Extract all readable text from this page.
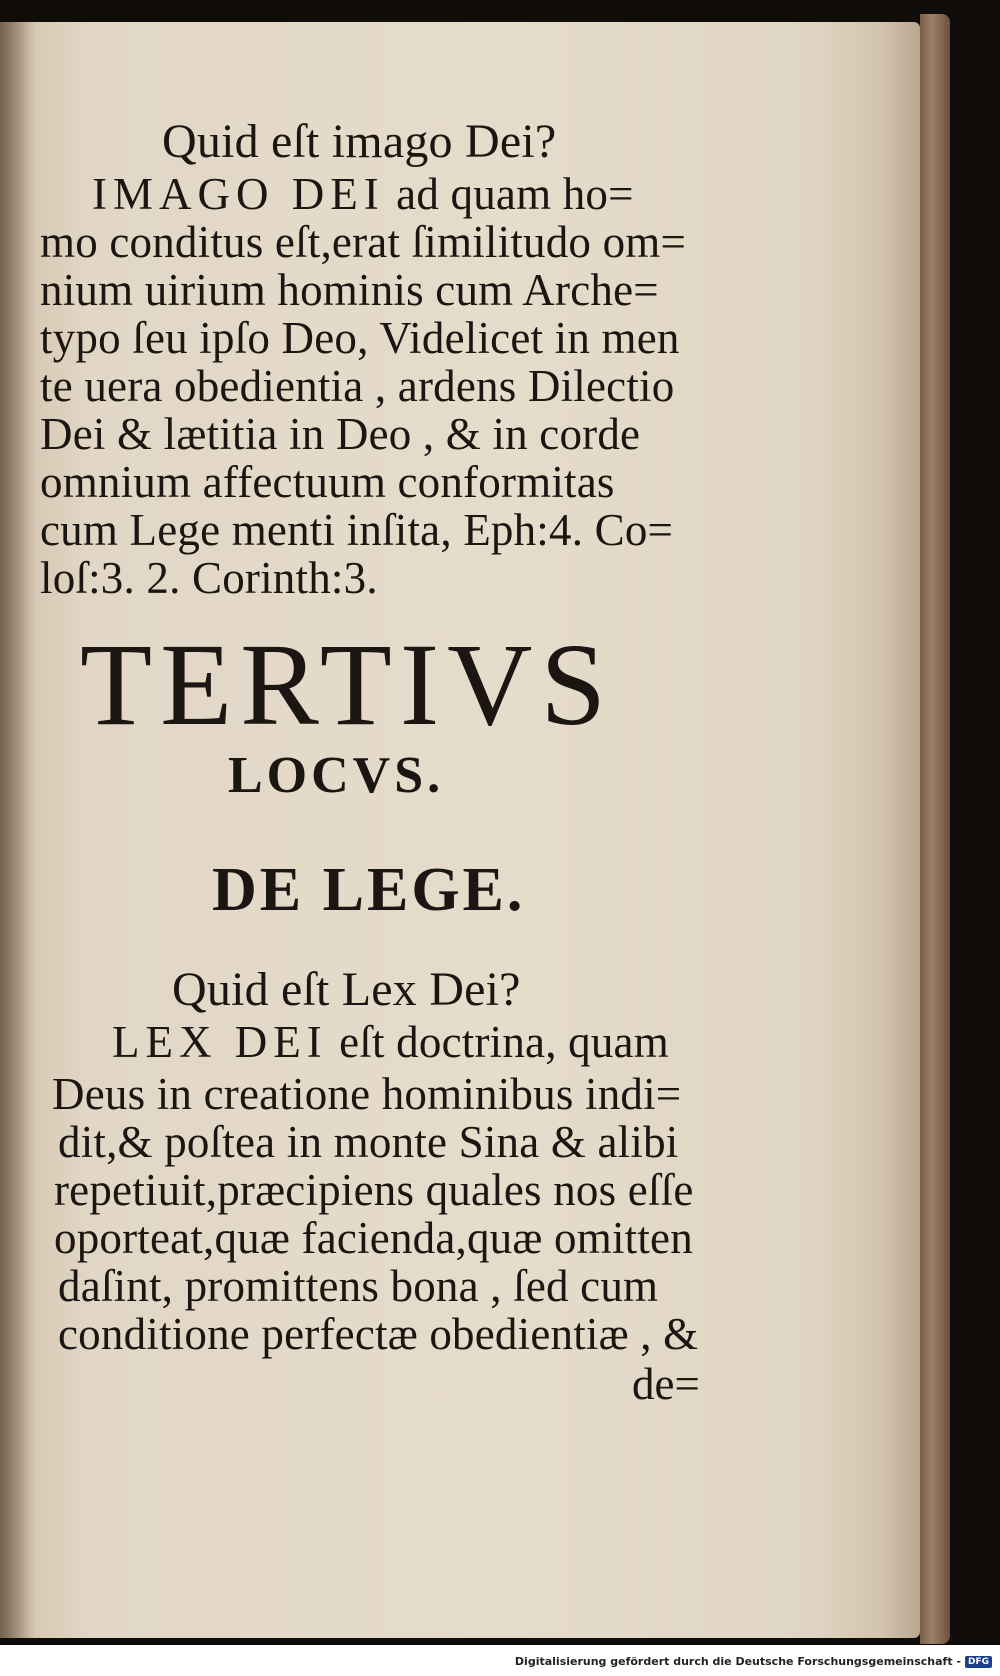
Quid eſt imago Dei?
IMAGO DEI ad quam ho=
mo conditus eſt,erat ſimilitudo om=
nium uirium hominis cum Arche=
typo ſeu ipſo Deo, Videlicet in men
te uera obedientia , ardens Dilectio
Dei & lætitia in Deo , & in corde
omnium affectuum conformitas
cum Lege menti inſita, Eph:4. Co=
loſ:3. 2. Corinth:3.
TERTIVS
LOCVS.
DE LEGE.
Quid eſt Lex Dei?
LEX DEI eſt doctrina, quam
Deus in creatione hominibus indi=
dit,& poſtea in monte Sina & alibi
repetiuit,præcipiens quales nos eſſe
oporteat,quæ facienda,quæ omitten
daſint, promittens bona , ſed cum
conditione perfectæ obedientiæ , &
de=
Digitalisierung gefördert durch die Deutsche Forschungsgemeinschaft - DFG
